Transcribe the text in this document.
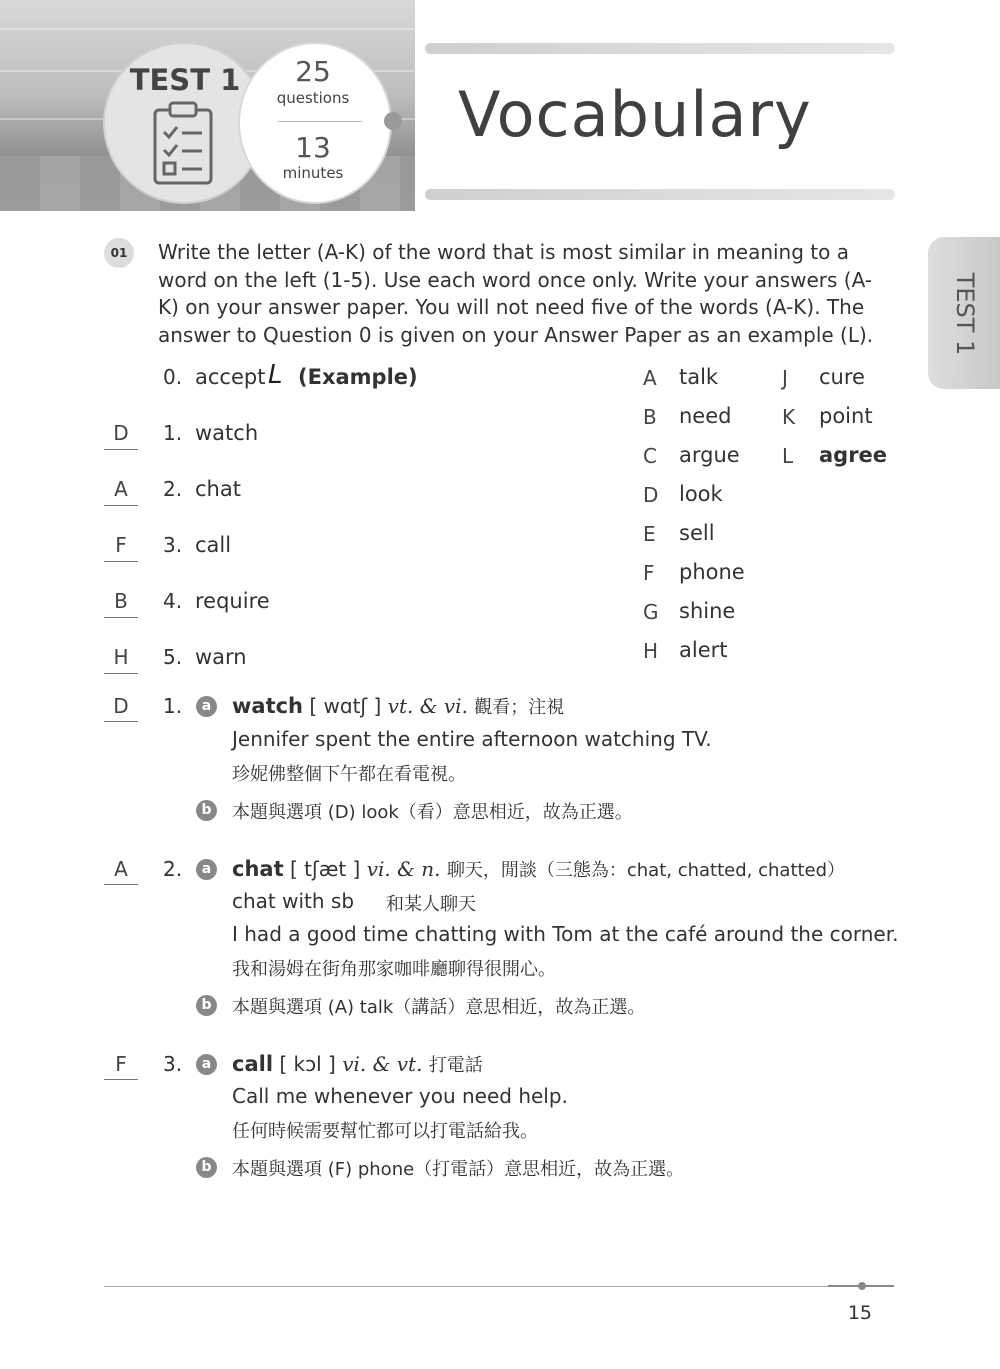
TEST 1	25
questions
13
minutes
Vocabulary
TEST 1
01	Write the letter (A-K) of the word that is most similar in meaning to a word on the left (1-5). Use each word once only. Write your answers (A-K) on your answer paper. You will not need five of the words (A-K). The answer to Question 0 is given on your Answer Paper as an example (L).
0. accept L (Example)
D	1. watch
A	2. chat
F	3. call
B	4. require
H	5. warn
A talk
B need
C argue
D look
E sell
F phone
G shine
H alert
J cure
K point
L agree
D	1.	a watch [ wɑtʃ ] vt. & vi. 觀看；注視
Jennifer spent the entire afternoon watching TV.
珍妮佛整個下午都在看電視。
b	本題與選項 (D) look（看）意思相近，故為正選。
A	2.	a chat [ tʃæt ] vi. & n. 聊天，閒談（三態為：chat, chatted, chatted）
chat with sb 和某人聊天
I had a good time chatting with Tom at the café around the corner.
我和湯姆在街角那家咖啡廳聊得很開心。
b	本題與選項 (A) talk（講話）意思相近，故為正選。
F	3.	a call [ kɔl ] vi. & vt. 打電話
Call me whenever you need help.
任何時候需要幫忙都可以打電話給我。
b	本題與選項 (F) phone（打電話）意思相近，故為正選。
15
